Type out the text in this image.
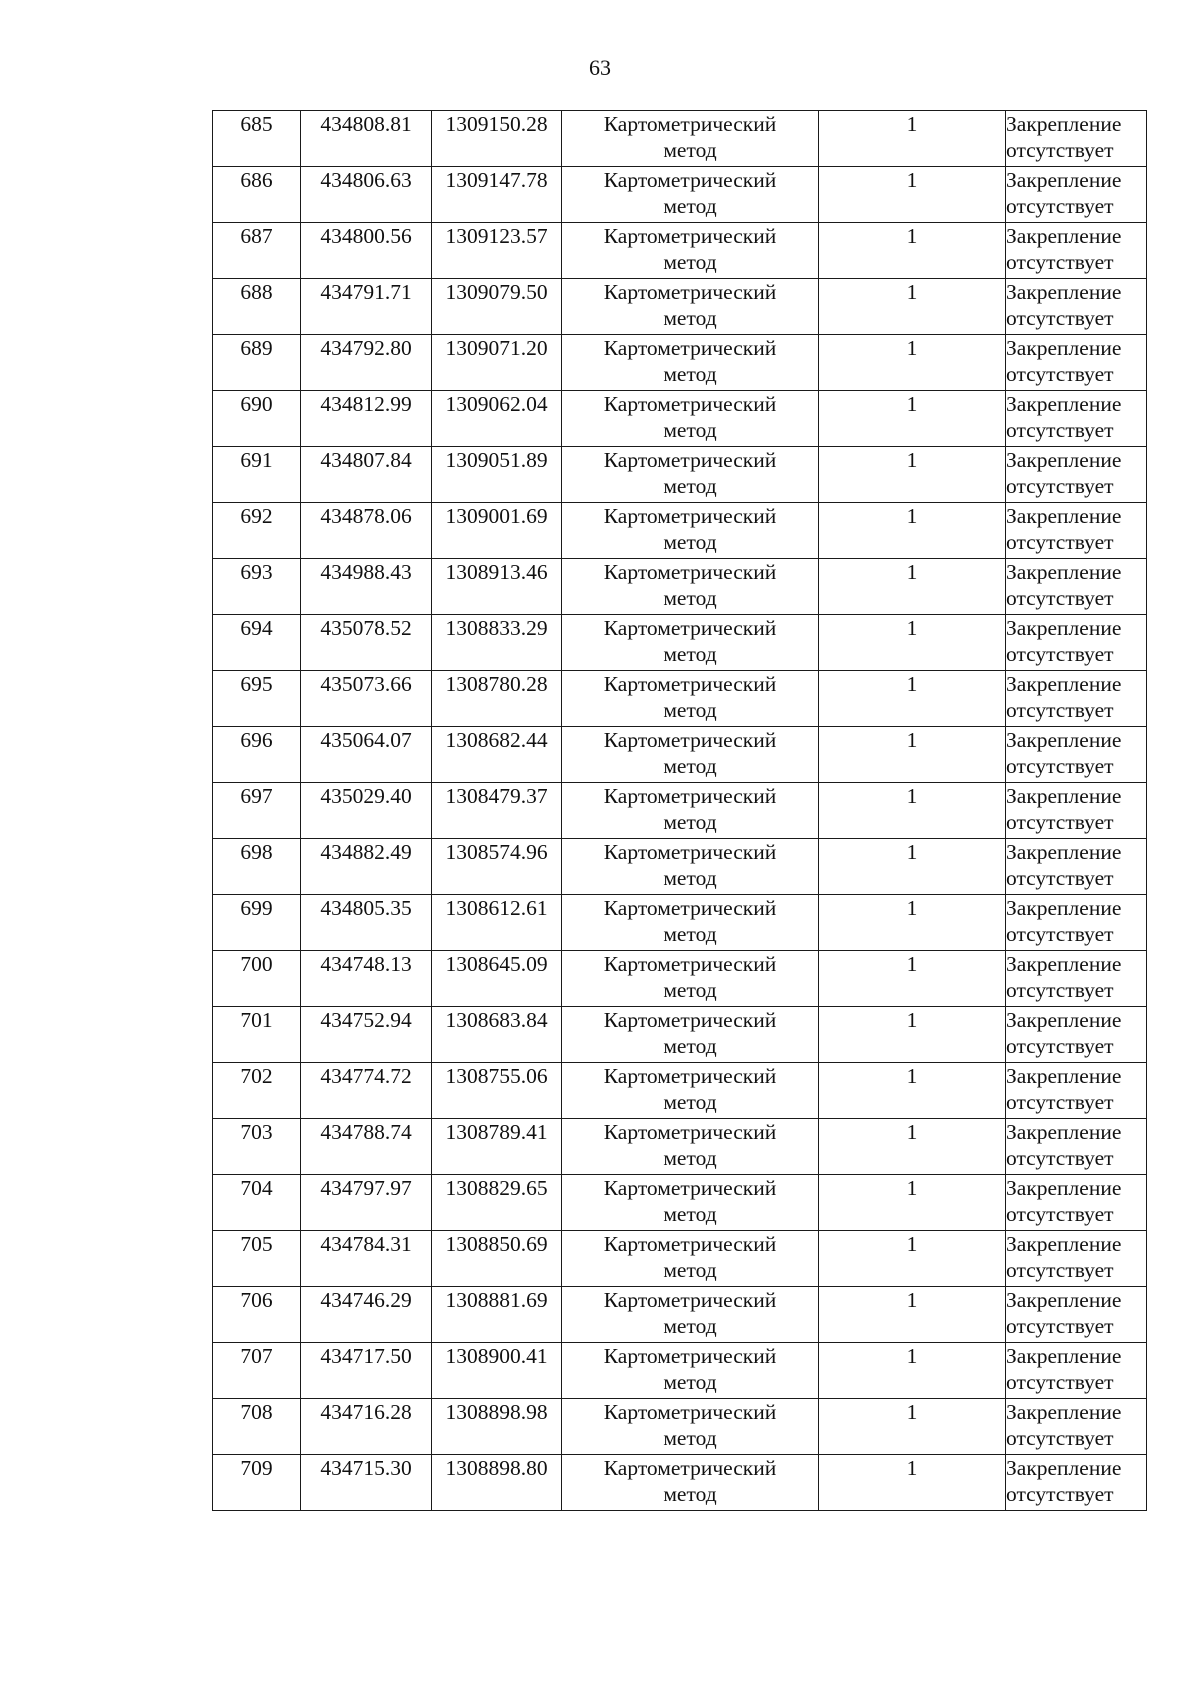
63
685	434808.81	1309150.28	Картометрический
метод	1	Закрепление
отсутствует

686	434806.63	1309147.78	Картометрический
метод	1	Закрепление
отсутствует

687	434800.56	1309123.57	Картометрический
метод	1	Закрепление
отсутствует

688	434791.71	1309079.50	Картометрический
метод	1	Закрепление
отсутствует

689	434792.80	1309071.20	Картометрический
метод	1	Закрепление
отсутствует

690	434812.99	1309062.04	Картометрический
метод	1	Закрепление
отсутствует

691	434807.84	1309051.89	Картометрический
метод	1	Закрепление
отсутствует

692	434878.06	1309001.69	Картометрический
метод	1	Закрепление
отсутствует

693	434988.43	1308913.46	Картометрический
метод	1	Закрепление
отсутствует

694	435078.52	1308833.29	Картометрический
метод	1	Закрепление
отсутствует

695	435073.66	1308780.28	Картометрический
метод	1	Закрепление
отсутствует

696	435064.07	1308682.44	Картометрический
метод	1	Закрепление
отсутствует

697	435029.40	1308479.37	Картометрический
метод	1	Закрепление
отсутствует

698	434882.49	1308574.96	Картометрический
метод	1	Закрепление
отсутствует

699	434805.35	1308612.61	Картометрический
метод	1	Закрепление
отсутствует

700	434748.13	1308645.09	Картометрический
метод	1	Закрепление
отсутствует

701	434752.94	1308683.84	Картометрический
метод	1	Закрепление
отсутствует

702	434774.72	1308755.06	Картометрический
метод	1	Закрепление
отсутствует

703	434788.74	1308789.41	Картометрический
метод	1	Закрепление
отсутствует

704	434797.97	1308829.65	Картометрический
метод	1	Закрепление
отсутствует

705	434784.31	1308850.69	Картометрический
метод	1	Закрепление
отсутствует

706	434746.29	1308881.69	Картометрический
метод	1	Закрепление
отсутствует

707	434717.50	1308900.41	Картометрический
метод	1	Закрепление
отсутствует

708	434716.28	1308898.98	Картометрический
метод	1	Закрепление
отсутствует

709	434715.30	1308898.80	Картометрический
метод	1	Закрепление
отсутствует
